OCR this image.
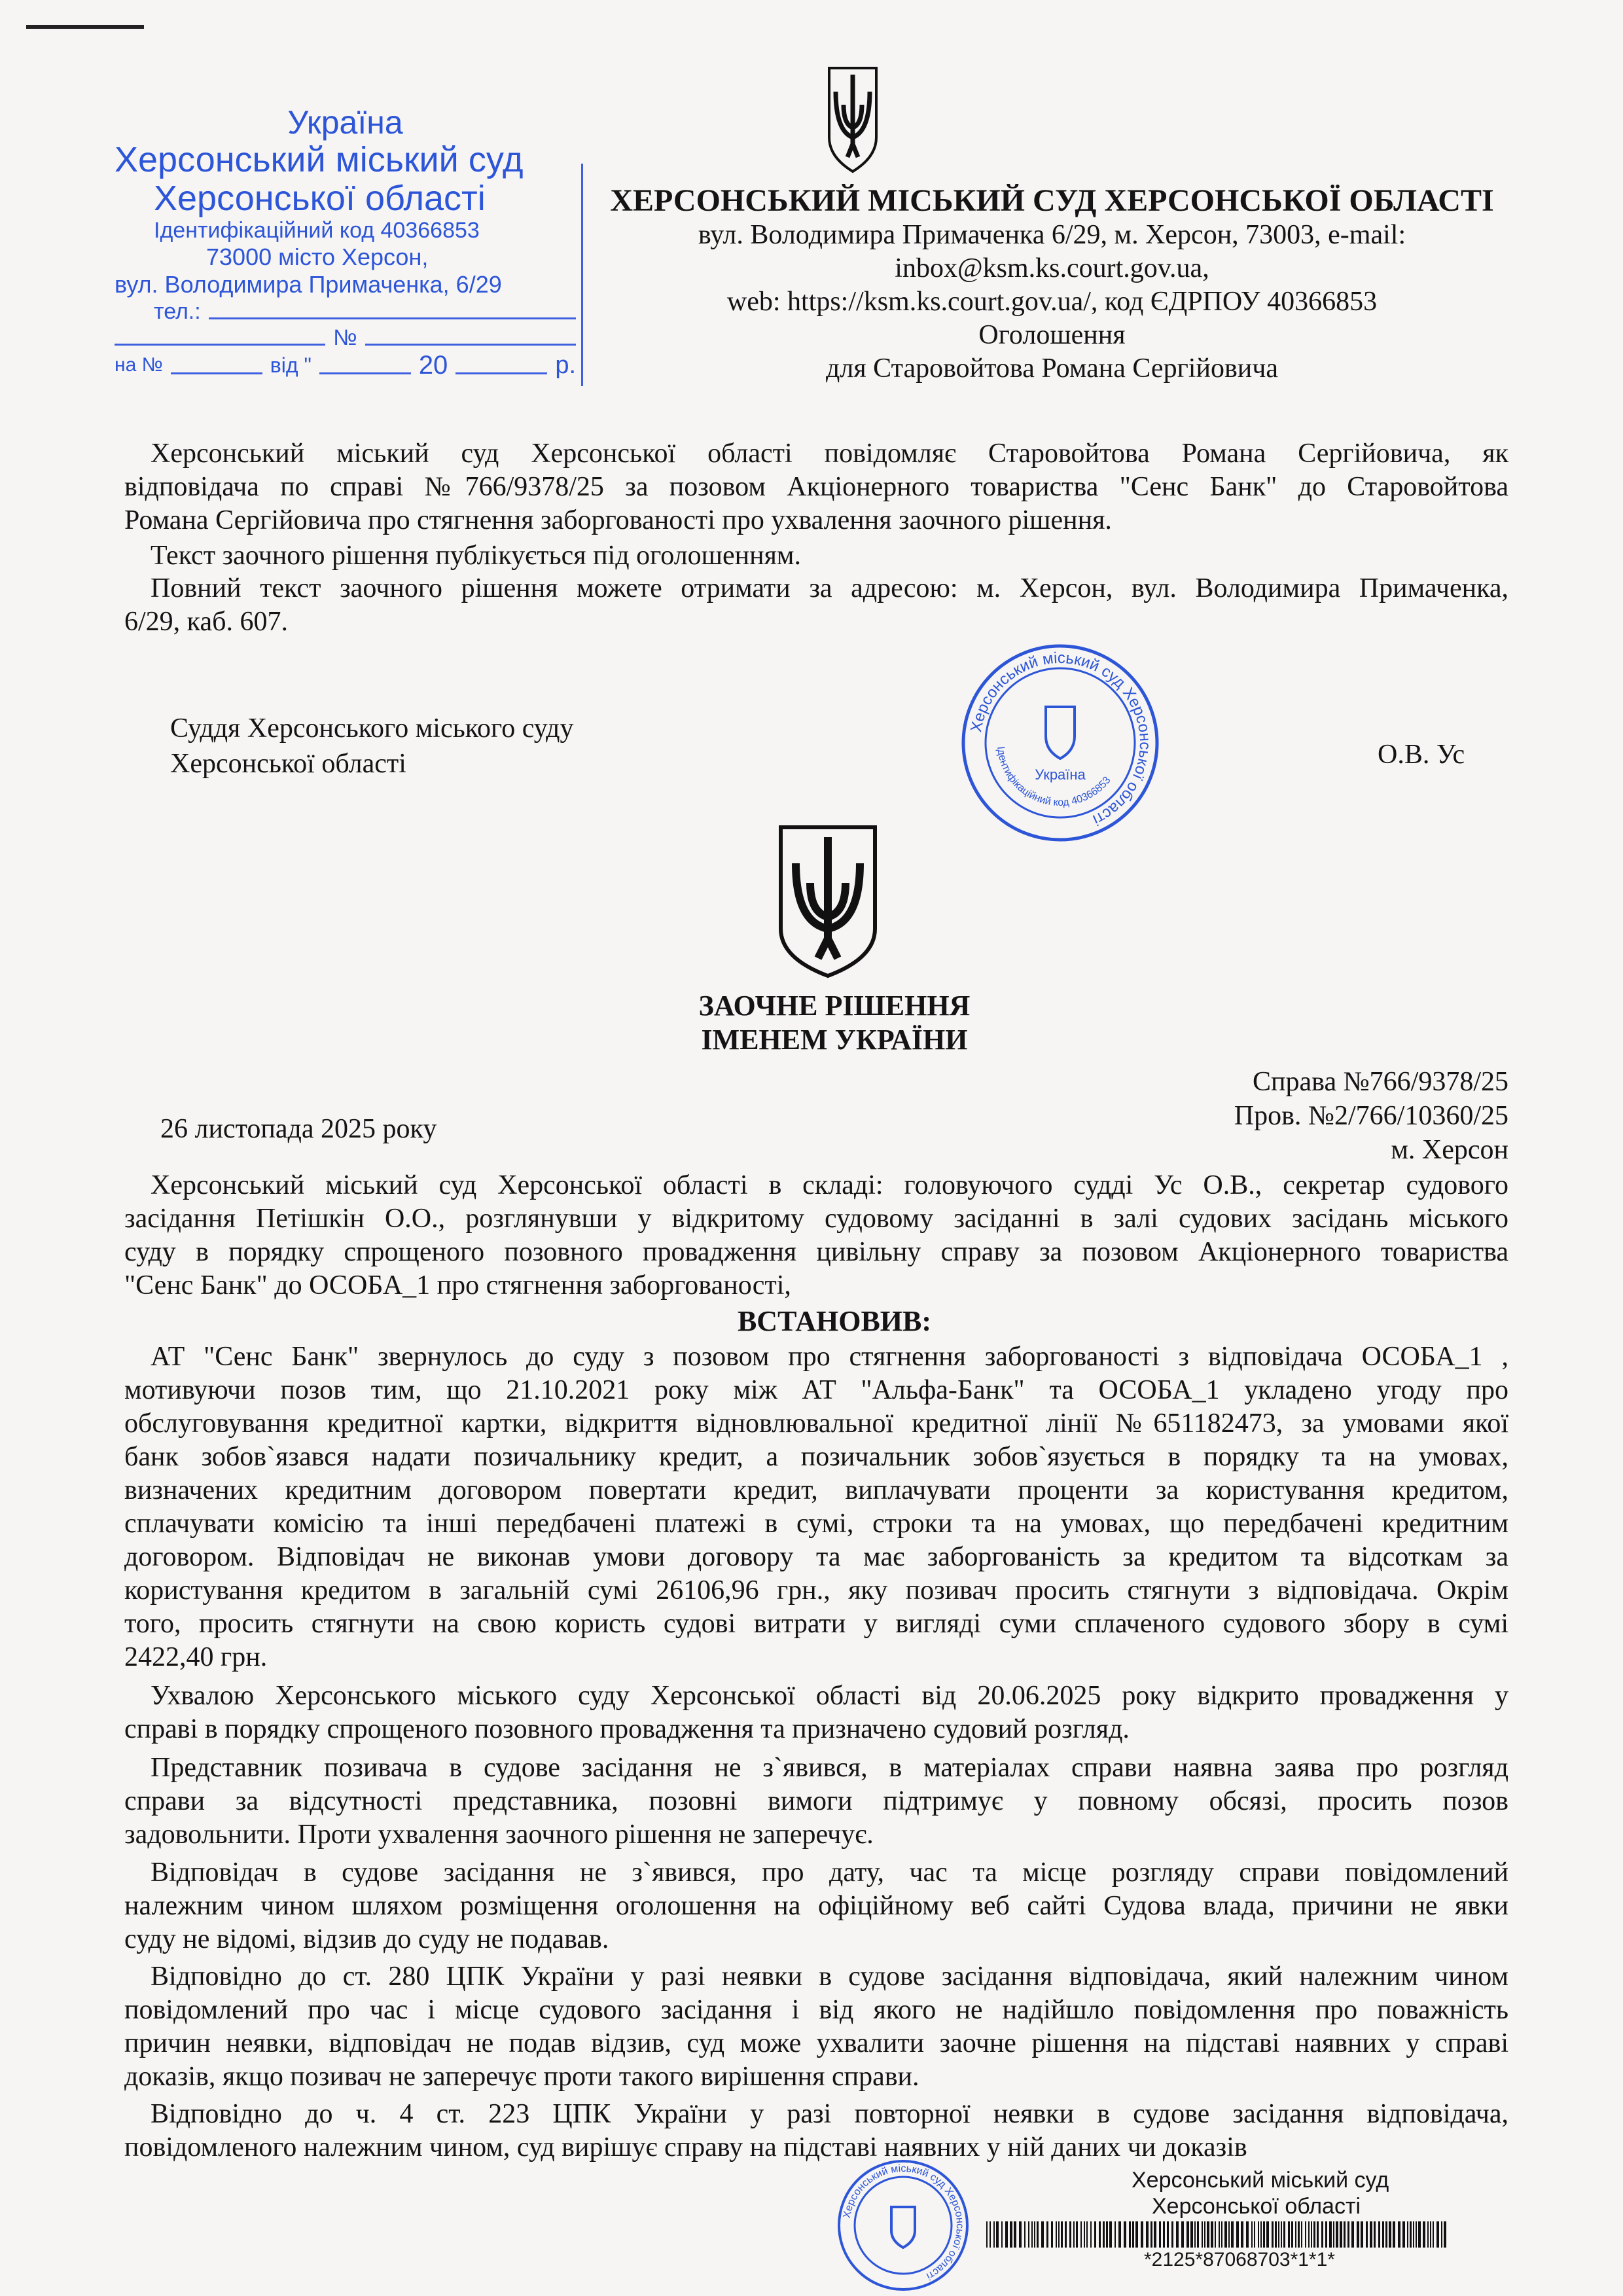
Україна
Херсонський міський суд
Херсонської області
Ідентифікаційний код 40366853
73000 місто Херсон,
вул. Володимира Примаченка, 6/29
тел.:
№
на №	від "	20	р.
ХЕРСОНСЬКИЙ МІСЬКИЙ СУД ХЕРСОНСЬКОЇ ОБЛАСТІ
вул. Володимира Примаченка 6/29, м. Херсон, 73003, e-mail: inbox@ksm.ks.court.gov.ua,
web: https://ksm.ks.court.gov.ua/, код ЄДРПОУ 40366853
Оголошення
для Старовойтова Романа Сергійовича
Херсонський міський суд Херсонської області повідомляє Старовойтова Романа Сергійовича, як
відповідача по справі №766/9378/25 за позовом Акціонерного товариства "Сенс Банк" до Старовойтова
Романа Сергійовича про стягнення заборгованості про ухвалення заочного рішення.
Текст заочного рішення публікується під оголошенням.
Повний текст заочного рішення можете отримати за адресою: м. Херсон, вул. Володимира Примаченка,
6/29, каб. 607.
Суддя Херсонського міського суду
Херсонської області	О.В. Ус
Херсонський міський суд Херсонської області
Ідентифікаційний код 40366853
Україна
ЗАОЧНЕ РІШЕННЯ
ІМЕНЕМ УКРАЇНИ
Справа №766/9378/25
Пров. №2/766/10360/25
26 листопада 2025 року
м. Херсон
Херсонський міський суд Херсонської області в складі: головуючого судді Ус О.В., секретар судового
засідання Петішкін О.О., розглянувши у відкритому судовому засіданні в залі судових засідань міського
суду в порядку спрощеного позовного провадження цивільну справу за позовом Акціонерного товариства
"Сенс Банк" до ОСОБА_1 про стягнення заборгованості,
ВСТАНОВИВ:
АТ "Сенс Банк" звернулось до суду з позовом про стягнення заборгованості з відповідача ОСОБА_1 ,
мотивуючи позов тим, що 21.10.2021 року між АТ "Альфа-Банк" та ОСОБА_1 укладено угоду про
обслуговування кредитної картки, відкриття відновлювальної кредитної лінії №651182473, за умовами якої
банк зобов`язався надати позичальнику кредит, а позичальник зобов`язується в порядку та на умовах,
визначених кредитним договором повертати кредит, виплачувати проценти за користування кредитом,
сплачувати комісію та інші передбачені платежі в сумі, строки та на умовах, що передбачені кредитним
договором. Відповідач не виконав умови договору та має заборгованість за кредитом та відсоткам за
користування кредитом в загальній сумі 26106,96 грн., яку позивач просить стягнути з відповідача. Окрім
того, просить стягнути на свою користь судові витрати у вигляді суми сплаченого судового збору в сумі
2422,40 грн.
Ухвалою Херсонського міського суду Херсонської області від 20.06.2025 року відкрито провадження у
справі в порядку спрощеного позовного провадження та призначено судовий розгляд.
Представник позивача в судове засідання не з`явився, в матеріалах справи наявна заява про розгляд
справи за відсутності представника, позовні вимоги підтримує у повному обсязі, просить позов
задовольнити. Проти ухвалення заочного рішення не заперечує.
Відповідач в судове засідання не з`явився, про дату, час та місце розгляду справи повідомлений
належним чином шляхом розміщення оголошення на офіційному веб сайті Судова влада, причини не явки
суду не відомі, відзив до суду не подавав.
Відповідно до ст. 280 ЦПК України у разі неявки в судове засідання відповідача, який належним чином
повідомлений про час і місце судового засідання і від якого не надійшло повідомлення про поважність
причин неявки, відповідач не подав відзив, суд може ухвалити заочне рішення на підставі наявних у справі
доказів, якщо позивач не заперечує проти такого вирішення справи.
Відповідно до ч. 4 ст. 223 ЦПК України у разі повторної неявки в судове засідання відповідача,
повідомленого належним чином, суд вирішує справу на підставі наявних у ній даних чи доказів
Херсонський міський суд Херсонської області
Херсонський міський суд
Херсонської області
*2125*87068703*1*1*
